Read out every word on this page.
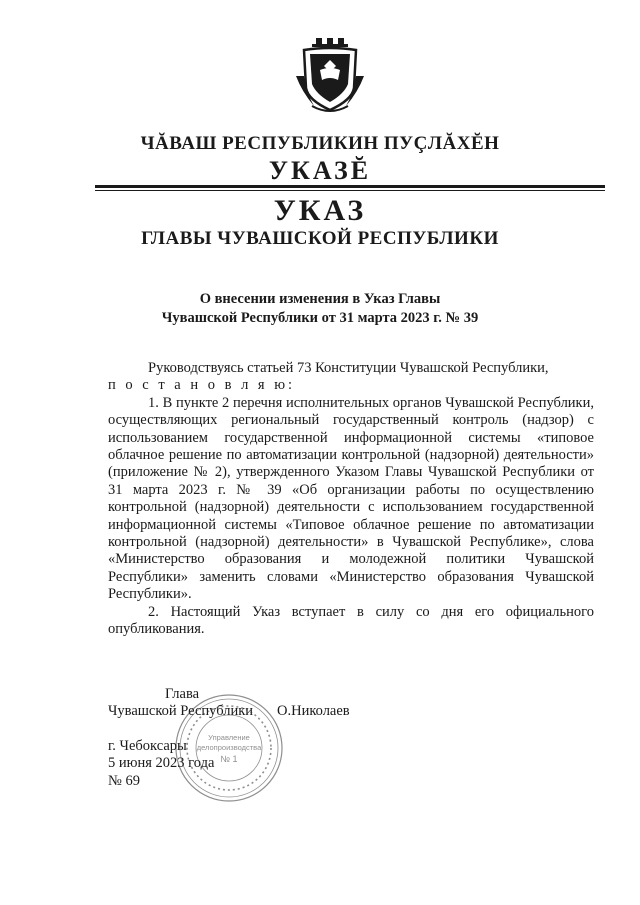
ЧĂВАШ РЕСПУБЛИКИН ПУÇЛĂХĔН
УКАЗĔ
УКАЗ
ГЛАВЫ ЧУВАШСКОЙ РЕСПУБЛИКИ
О внесении изменения в Указ Главы
Чувашской Республики от 31 марта 2023 г. № 39

Руководствуясь статьей 73 Конституции Чувашской Республики,

п о с т а н о в л я ю:

1. В пункте 2 перечня исполнительных органов Чувашской Республики, осуществляющих региональный государственный контроль (надзор) с использованием государственной информационной системы «типовое облачное решение по автоматизации контрольной (надзорной) деятельности» (приложение № 2), утвержденного Указом Главы Чувашской Республики от 31 марта 2023 г. № 39 «Об организации работы по осуществлению контрольной (надзорной) деятельности с использованием государственной информационной системы «Типовое облачное решение по автоматизации контрольной (надзорной) деятельности» в Чувашской Республике», слова «Министерство образования и молодежной политики Чувашской Республики» заменить словами «Министерство образования Чувашской Республики».

2. Настоящий Указ вступает в силу со дня его официального опубликования.

Глава
Чувашской Республики О.Николаев
г. Чебоксары
5 июня 2023 года
№ 69
Управление
делопроизводства
№ 1
